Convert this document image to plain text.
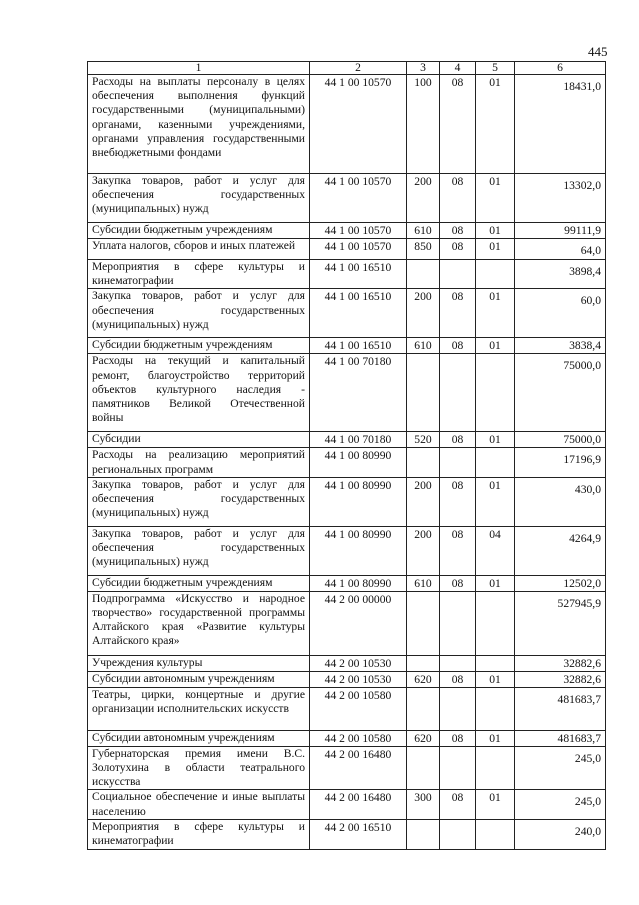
445
1	2	3	4	5	6
Расходы на выплаты персоналу в целях обеспечения выполнения функций государственными (муниципальными) органами, казенными учреждениями, органами управления государственными внебюджетными фондами	44 1 00 10570	100	08	01	18431,0
Закупка товаров, работ и услуг для обеспечения государственных (муниципальных) нужд	44 1 00 10570	200	08	01	13302,0
Субсидии бюджетным учреждениям	44 1 00 10570	610	08	01	99111,9
Уплата налогов, сборов и иных платежей	44 1 00 10570	850	08	01	64,0
Мероприятия в сфере культуры и кинематографии	44 1 00 16510				3898,4
Закупка товаров, работ и услуг для обеспечения государственных (муниципальных) нужд	44 1 00 16510	200	08	01	60,0
Субсидии бюджетным учреждениям	44 1 00 16510	610	08	01	3838,4
Расходы на текущий и капитальный ремонт, благоустройство территорий объектов культурного наследия - памятников Великой Отечественной войны	44 1 00 70180				75000,0
Субсидии	44 1 00 70180	520	08	01	75000,0
Расходы на реализацию мероприятий региональных программ	44 1 00 80990				17196,9
Закупка товаров, работ и услуг для обеспечения государственных (муниципальных) нужд	44 1 00 80990	200	08	01	430,0
Закупка товаров, работ и услуг для обеспечения государственных (муниципальных) нужд	44 1 00 80990	200	08	04	4264,9
Субсидии бюджетным учреждениям	44 1 00 80990	610	08	01	12502,0
Подпрограмма «Искусство и народное творчество» государственной программы Алтайского края «Развитие культуры Алтайского края»	44 2 00 00000				527945,9
Учреждения культуры	44 2 00 10530				32882,6
Субсидии автономным учреждениям	44 2 00 10530	620	08	01	32882,6
Театры, цирки, концертные и другие организации исполнительских искусств	44 2 00 10580				481683,7
Субсидии автономным учреждениям	44 2 00 10580	620	08	01	481683,7
Губернаторская премия имени В.С. Золотухина в области театрального искусства	44 2 00 16480				245,0
Социальное обеспечение и иные выплаты населению	44 2 00 16480	300	08	01	245,0
Мероприятия в сфере культуры и кинематографии	44 2 00 16510				240,0
